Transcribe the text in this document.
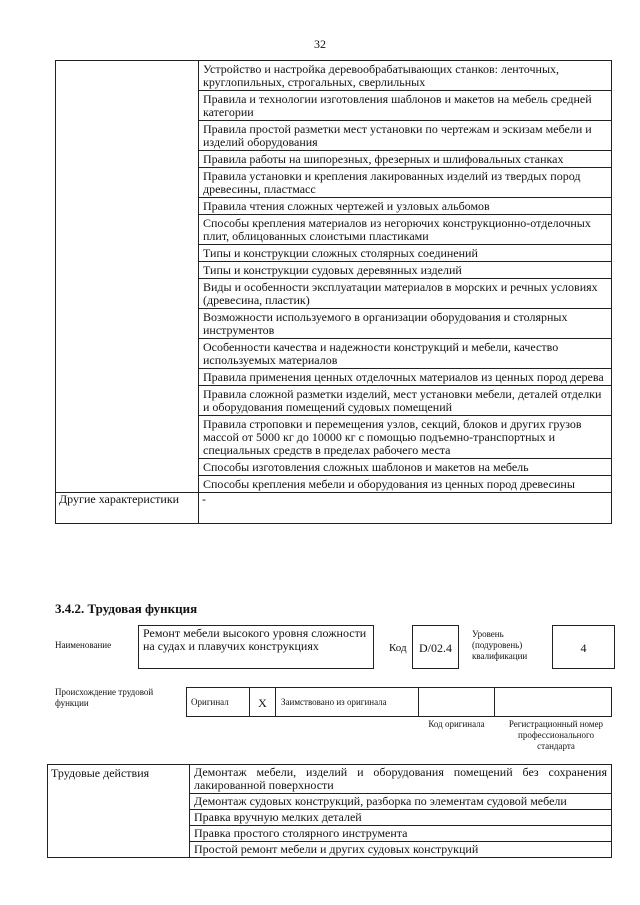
32
	Устройство и настройка деревообрабатывающих станков: ленточных, круглопильных, строгальных, сверлильных
	Правила и технологии изготовления шаблонов и макетов на мебель средней категории
	Правила простой разметки мест установки по чертежам и эскизам мебели и изделий оборудования
	Правила работы на шипорезных, фрезерных и шлифовальных станках
	Правила установки и крепления лакированных изделий из твердых пород древесины, пластмасс
	Правила чтения сложных чертежей и узловых альбомов
	Способы крепления материалов из негорючих конструкционно-отделочных плит, облицованных слоистыми пластиками
	Типы и конструкции сложных столярных соединений
	Типы и конструкции судовых деревянных изделий
	Виды и особенности эксплуатации материалов в морских и речных условиях (древесина, пластик)
	Возможности используемого в организации оборудования и столярных инструментов
	Особенности качества и надежности конструкций и мебели, качество используемых материалов
	Правила применения ценных отделочных материалов из ценных пород дерева
	Правила сложной разметки изделий, мест установки мебели, деталей отделки и оборудования помещений судовых помещений
	Правила строповки и перемещения узлов, секций, блоков и других грузов массой от 5000 кг до 10000 кг с помощью подъемно-транспортных и специальных средств в пределах рабочего места
	Способы изготовления сложных шаблонов и макетов на мебель
	Способы крепления мебели и оборудования из ценных пород древесины
Другие характеристики	-
3.4.2. Трудовая функция
Наименование
Ремонт мебели высокого уровня сложности на судах и плавучих конструкциях	Код	D/02.4
Уровень (подуровень) квалификации
4
Происхождение трудовой функции	Оригинал	X	Заимствовано из оригинала
Код оригинала	Регистрационный номер профессионального стандарта
Трудовые действия	Демонтаж мебели, изделий и оборудования помещений без сохранения лакированной поверхности
Демонтаж судовых конструкций, разборка по элементам судовой мебели
Правка вручную мелких деталей
Правка простого столярного инструмента
Простой ремонт мебели и других судовых конструкций
